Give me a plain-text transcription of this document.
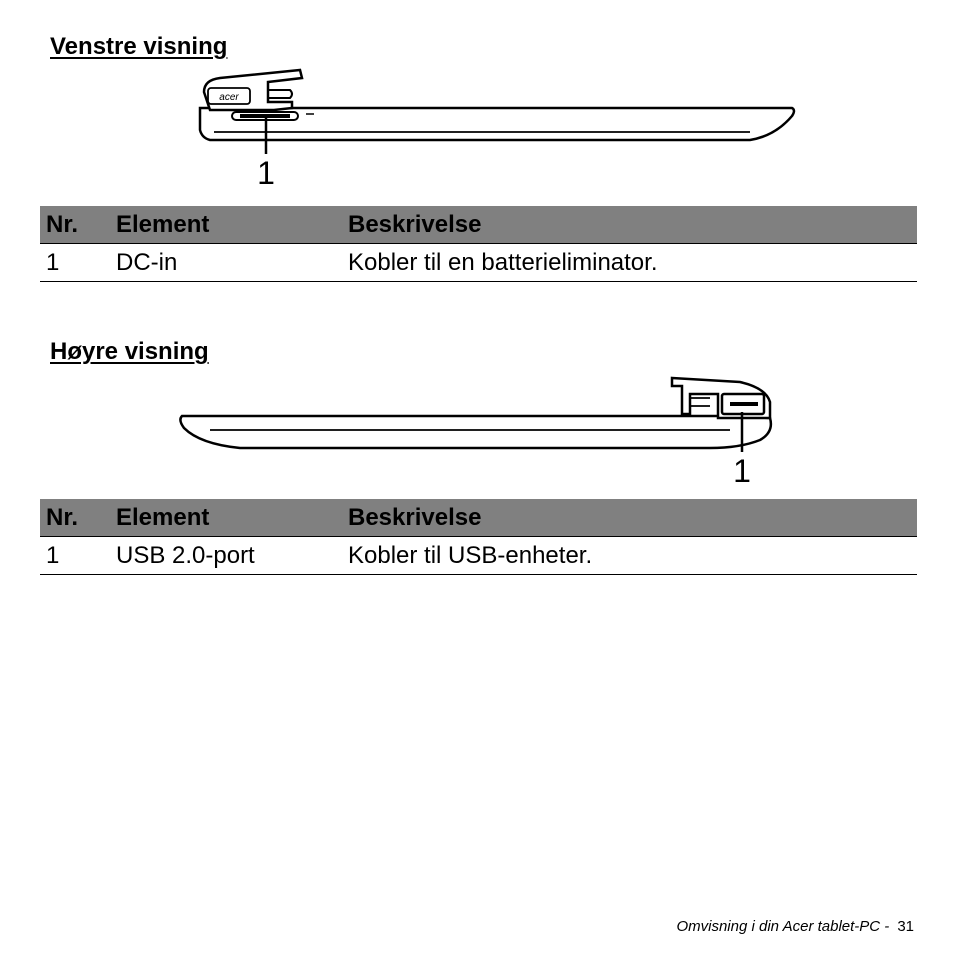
Venstre visning
acer
1
Nr.	Element	Beskrivelse
1	DC-in	Kobler til en batterieliminator.
Høyre visning
1
Nr.	Element	Beskrivelse
1	USB 2.0-port	Kobler til USB-enheter.
Omvisning i din Acer tablet-PC - 31
